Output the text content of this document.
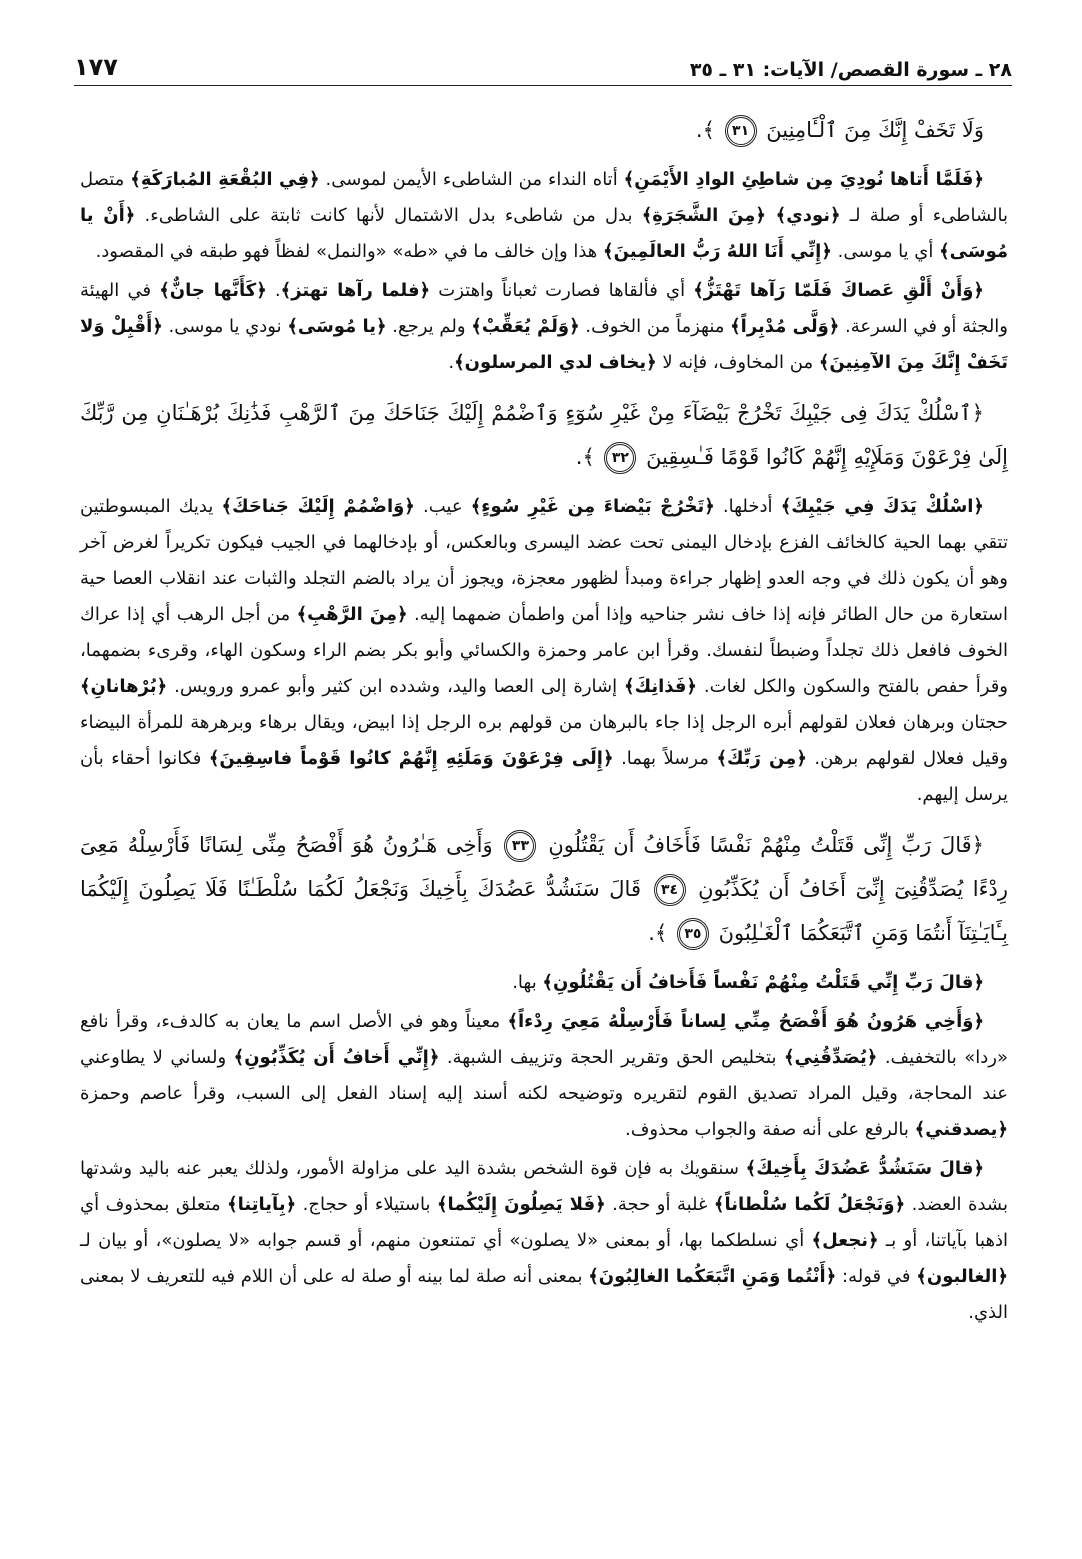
٢٨ ـ سورة القصص/ الآيات: ٣١ ـ ٣٥
١٧٧

وَلَا تَخَفْ إِنَّكَ مِنَ ٱلْـَٔامِنِينَ ٣١ ﴾.

﴿فَلَمَّا أَتاها نُودِيَ مِن شاطِئِ الوادِ الأَيْمَنِ﴾ أتاه النداء من الشاطىء الأيمن لموسى. ﴿فِي البُقْعَةِ المُبارَكَةِ﴾ متصل بالشاطىء أو صلة لـ ﴿نودي﴾ ﴿مِنَ الشَّجَرَةِ﴾ بدل من شاطىء بدل الاشتمال لأنها كانت ثابتة على الشاطىء. ﴿أَنْ يا مُوسَى﴾ أي يا موسى. ﴿إِنِّي أَنَا اللهُ رَبُّ العالَمِينَ﴾ هذا وإن خالف ما في «طه» «والنمل» لفظاً فهو طبقه في المقصود.

﴿وَأَنْ أَلْقِ عَصاكَ فَلَمّا رَآها تَهْتَزُّ﴾ أي فألقاها فصارت ثعباناً واهتزت ﴿فلما رآها تهتز﴾. ﴿كَأَنَّها جانٌّ﴾ في الهيئة والجثة أو في السرعة. ﴿وَلَّى مُدْبِراً﴾ منهزماً من الخوف. ﴿وَلَمْ يُعَقِّبْ﴾ ولم يرجع. ﴿يا مُوسَى﴾ نودي يا موسى. ﴿أَقْبِلْ وَلا تَخَفْ إِنَّكَ مِنَ الآمِنِينَ﴾ من المخاوف، فإنه لا ﴿يخاف لدي المرسلون﴾.

﴿ٱسْلُكْ يَدَكَ فِى جَيْبِكَ تَخْرُجْ بَيْضَآءَ مِنْ غَيْرِ سُوٓءٍ وَٱضْمُمْ إِلَيْكَ جَنَاحَكَ مِنَ ٱلرَّهْبِ فَذَٰنِكَ بُرْهَـٰنَانِ مِن رَّبِّكَ إِلَىٰ فِرْعَوْنَ وَمَلَإِيْهِ إِنَّهُمْ كَانُوا قَوْمًا فَـٰسِقِينَ ٣٢ ﴾.

﴿اسْلُكْ يَدَكَ فِي جَيْبِكَ﴾ أدخلها. ﴿تَخْرُجْ بَيْضاءَ مِن غَيْرِ سُوءٍ﴾ عيب. ﴿وَاضْمُمْ إِلَيْكَ جَناحَكَ﴾ يديك المبسوطتين تتقي بهما الحية كالخائف الفزع بإدخال اليمنى تحت عضد اليسرى وبالعكس، أو بإدخالهما في الجيب فيكون تكريراً لغرض آخر وهو أن يكون ذلك في وجه العدو إظهار جراءة ومبدأ لظهور معجزة، ويجوز أن يراد بالضم التجلد والثبات عند انقلاب العصا حية استعارة من حال الطائر فإنه إذا خاف نشر جناحيه وإذا أمن واطمأن ضمهما إليه. ﴿مِنَ الرَّهْبِ﴾ من أجل الرهب أي إذا عراك الخوف فافعل ذلك تجلداً وضبطاً لنفسك. وقرأ ابن عامر وحمزة والكسائي وأبو بكر بضم الراء وسكون الهاء، وقرىء بضمهما، وقرأ حفص بالفتح والسكون والكل لغات. ﴿فَذانِكَ﴾ إشارة إلى العصا واليد، وشدده ابن كثير وأبو عمرو ورويس. ﴿بُرْهانانِ﴾ حجتان وبرهان فعلان لقولهم أبره الرجل إذا جاء بالبرهان من قولهم بره الرجل إذا ابيض، ويقال برهاء وبرهرهة للمرأة البيضاء وقيل فعلال لقولهم برهن. ﴿مِن رَبِّكَ﴾ مرسلاً بهما. ﴿إِلَى فِرْعَوْنَ وَمَلَئِهِ إِنَّهُمْ كانُوا قَوْماً فاسِقِينَ﴾ فكانوا أحقاء بأن يرسل إليهم.

﴿قَالَ رَبِّ إِنِّى قَتَلْتُ مِنْهُمْ نَفْسًا فَأَخَافُ أَن يَقْتُلُونِ ٣٣ وَأَخِى هَـٰرُونُ هُوَ أَفْصَحُ مِنِّى لِسَانًا فَأَرْسِلْهُ مَعِىَ رِدْءًا يُصَدِّقُنِىٓ إِنِّىٓ أَخَافُ أَن يُكَذِّبُونِ ٣٤ قَالَ سَنَشُدُّ عَضُدَكَ بِأَخِيكَ وَنَجْعَلُ لَكُمَا سُلْطَـٰنًا فَلَا يَصِلُونَ إِلَيْكُمَا بِـَٔايَـٰتِنَآ أَنتُمَا وَمَنِ ٱتَّبَعَكُمَا ٱلْغَـٰلِبُونَ ٣٥ ﴾.

﴿قالَ رَبِّ إِنِّي قَتَلْتُ مِنْهُمْ نَفْساً فَأَخافُ أَن يَقْتُلُونِ﴾ بها.

﴿وَأَخِي هَرُونُ هُوَ أَفْصَحُ مِنِّي لِساناً فَأَرْسِلْهُ مَعِيَ رِدْءاً﴾ معيناً وهو في الأصل اسم ما يعان به كالدفء، وقرأ نافع «ردا» بالتخفيف. ﴿يُصَدِّقُنِي﴾ بتخليص الحق وتقرير الحجة وتزييف الشبهة. ﴿إِنِّي أَخافُ أَن يُكَذِّبُونِ﴾ ولساني لا يطاوعني عند المحاجة، وقيل المراد تصديق القوم لتقريره وتوضيحه لكنه أسند إليه إسناد الفعل إلى السبب، وقرأ عاصم وحمزة ﴿يصدقني﴾ بالرفع على أنه صفة والجواب محذوف.

﴿قالَ سَنَشُدُّ عَضُدَكَ بِأَخِيكَ﴾ سنقويك به فإن قوة الشخص بشدة اليد على مزاولة الأمور، ولذلك يعبر عنه باليد وشدتها بشدة العضد. ﴿وَنَجْعَلُ لَكُما سُلْطاناً﴾ غلبة أو حجة. ﴿فَلا يَصِلُونَ إِلَيْكُما﴾ باستيلاء أو حجاج. ﴿بِآياتِنا﴾ متعلق بمحذوف أي اذهبا بآياتنا، أو بـ ﴿نجعل﴾ أي نسلطكما بها، أو بمعنى «لا يصلون» أي تمتنعون منهم، أو قسم جوابه «لا يصلون»، أو بيان لـ ﴿الغالبون﴾ في قوله: ﴿أَنْتُما وَمَنِ اتَّبَعَكُما الغالِبُونَ﴾ بمعنى أنه صلة لما بينه أو صلة له على أن اللام فيه للتعريف لا بمعنى الذي.
